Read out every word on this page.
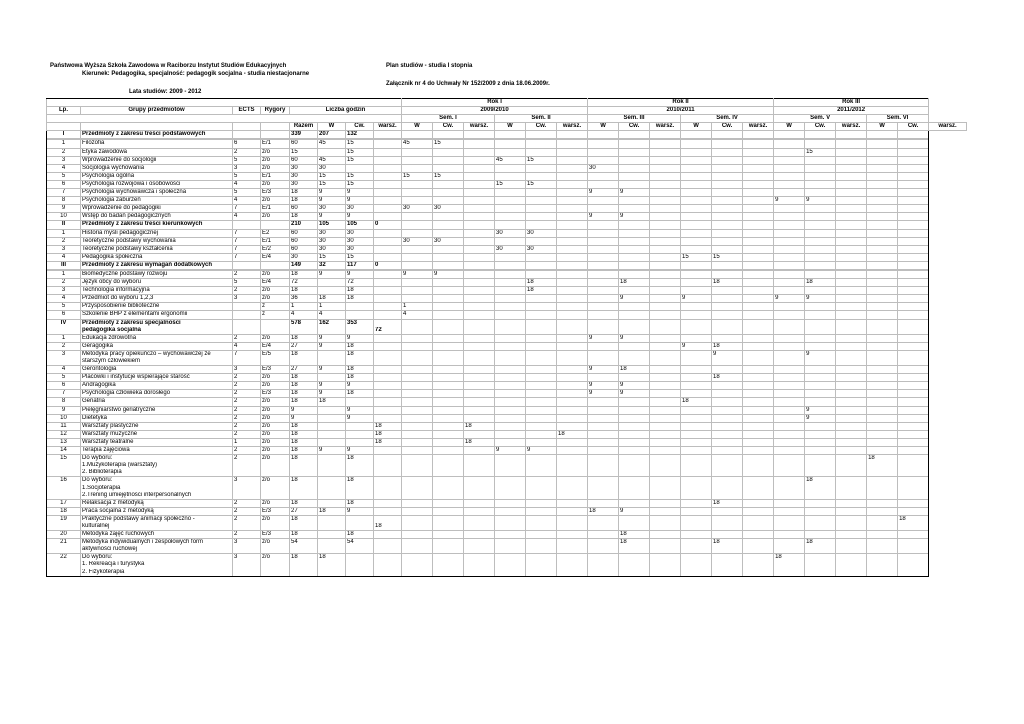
Państwowa Wyższa Szkoła Zawodowa w Raciborzu Instytut Studiów Edukacyjnych
Kierunek: Pedagogika, specjalność: pedagogik socjalna - studia niestacjonarne
Plan studiów - studia I stopnia
Załącznik nr 4 do Uchwały Nr 152/2009 z dnia 18.06.2009r.
Lata studiów: 2009 - 2012
								Rok I						Rok II						Rok III					
Lp.	Grupy przedmiotów	ECTS	Rygory	Liczba godzin				2009/2010						2010/2011						2011/2012					
								Sem. I			Sem. II			Sem. III			Sem. IV			Sem. V			Sem. VI		
				Razem	W	Ćw.	warsz.	W	Ćw.	warsz.	W	Ćw.	warsz.	W	Ćw.	warsz.	W	Ćw.	warsz.	W	Ćw.	warsz.	W	Ćw.	warsz.
I	Przedmioty z zakresu treści podstawowych			339	207	132																			

1	Filozofia	6	E/1	60	45	15		45	15																
2	Etyka zawodowa	2	z/o	15		15															15				
3	Wprowadzenie do socjologii	5	z/o	60	45	15					45	15													
4	Socjologia wychowania	3	z/o	30	30									30											
5	Psychologia ogólna	5	E/1	30	15	15		15	15																
6	Psychologia rozwojowa i osobowości	4	z/o	30	15	15					15	15													
7	Psychologia wychowawcza i społeczna	5	E/3	18	9	9								9	9										
8	Psychologia zaburzeń	4	z/o	18	9	9														9	9				
9	Wprowadzenie do pedagogiki	7	E/1	60	30	30		30	30																
10	Wstęp do badań pedagogicznych	4	z/o	18	9	9								9	9										
II	Przedmioty z zakresu treści kierunkowych			210	105	105	0																		
1	Historia myśli pedagogicznej	7	E2	60	30	30					30	30													
2	Teoretyczne podstawy wychowania	7	E/1	60	30	30		30	30																
3	Teoretyczne podstawy kształcenia	7	E/2	60	30	30					30	30													
4	Pedagogika społeczna	7	E/4	30	15	15											15	15							
III	Przedmioty z zakresu wymagań dodatkowych			149	32	117	0																		

1	Biomedyczne podstawy rozwoju	2	z/o	18	9	9		9	9																
2	Język obcy do wyboru	5	E/4	72		72						18			18			18			18				
3	Technologia informacyjna	2	z/o	18		18						18													
4	Przedmiot do wyboru 1,2,3	3	z/o	36	18	18									9		9			9	9				
5	Przysposobienie biblioteczne		z	1	1			1																	
6	Szkolenie BHP z elementami ergonomii		z	4	4			4																	
IV	Przedmioty z zakresu specjalności			578	162	353																			
	pedagogika socjalna						72																		
1	Edukacja zdrowotna	2	z/o	18	9	9								9	9										
2	Geragogika	4	E/4	27	9	18											9	18							
3	Metodyka pracy opiekuńczo – wychowawczej ze	7	E/5	18		18												9			9				
	starszym człowiekiem																								
4	Gerontologia	3	E/3	27	9	18								9	18										
5	Placówki i instytucje wspierające starość	2	z/o	18		18												18							
6	Andragogika	2	z/o	18	9	9								9	9										
7	Psychologia człowieka dorosłego	2	E/3	18	9	18								9	9										
8	Geriatria	2	z/o	18	18												18								
9	Pielęgniarstwo geriatryczne	2	z/o	9		9															9				
10	Dietetyka	2	z/o	9		9															9				
11	Warsztaty plastyczne	2	z/o	18			18			18															
12	Warsztaty muzyczne	2	z/o	18			18						18												
13	Warsztaty teatralne	1	z/o	18			18			18															
14	Terapia zajęciowa	2	z/o	18	9	9					9	9													
15	Do wyboru:	2	z/o	18		18																	18		
	1.Muzykoterapia (warsztaty)																								
	2. Biblioterapia																								
16	Do wyboru:	3	z/o	18		18															18				
	1.Socjoterapia																								
	2.Trening umiejętności interpersonalnych																								
17	Relaksacja z metodyką	2	z/o	18		18												18							
18	Praca socjalna z metodyką	2	E/3	27	18	9								18	9										
19	Praktyczne podstawy animacji społeczno -	2	z/o	18																				18	
	kulturalnej						18																		
20	Metodyka zajęć ruchowych	2	E/3	18		18									18										
21	Metodyka indywidualnych i zespołowych form	3	z/o	54		54									18			18			18				
	aktywności ruchowej																								
22	Do wyboru:	3	z/o	18	18															18					
	1. Rekreacja i turystyka																								
	2. Fizykoterapia																								
